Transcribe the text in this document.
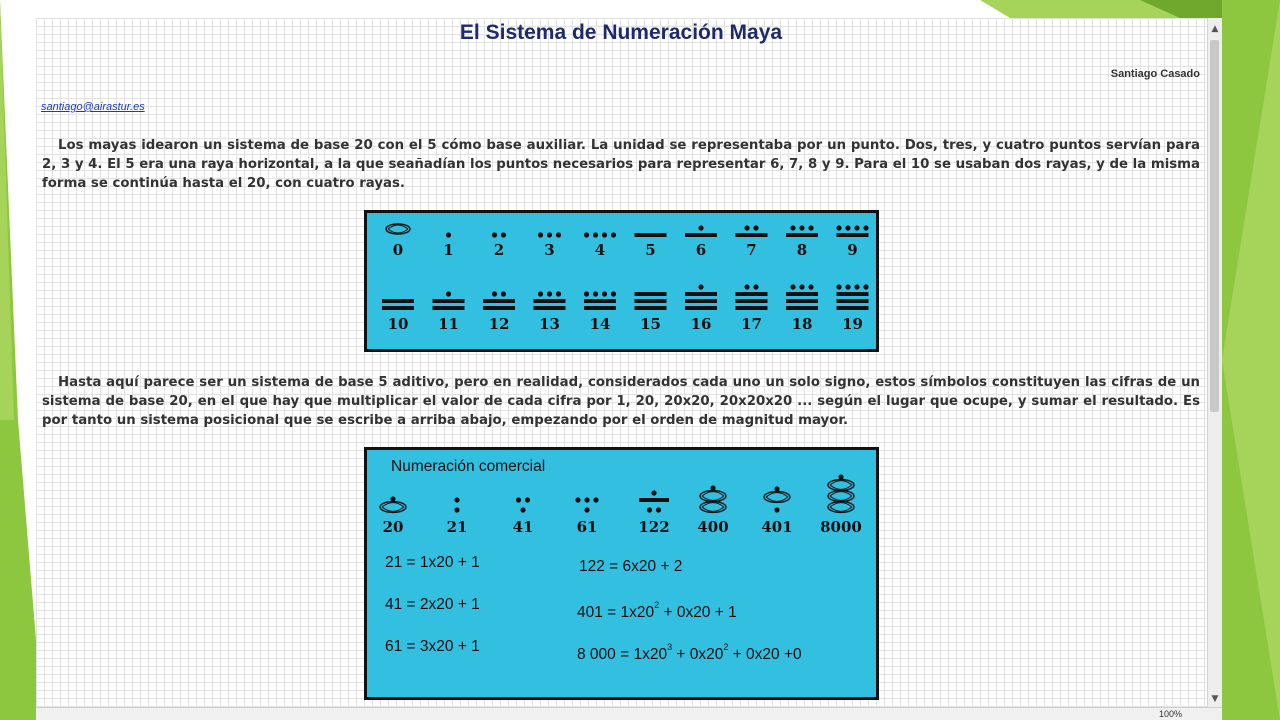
El Sistema de Numeración Maya
Santiago Casado
santiago@airastur.es

Los mayas idearon un sistema de base 20 con el 5 cómo base auxiliar. La unidad se representaba por un punto. Dos, tres, y cuatro puntos servían para 2, 3 y 4. El 5 era una raya horizontal, a la que seañadían los puntos necesarios para representar 6, 7, 8 y 9. Para el 10 se usaban dos rayas, y de la misma forma se continúa hasta el 20, con cuatro rayas.

0	1	2	3	4	5	6	7	8	9
10 11 12 13 14 15 16 17 18 19

Hasta aquí parece ser un sistema de base 5 aditivo, pero en realidad, considerados cada uno un solo signo, estos símbolos constituyen las cifras de un sistema de base 20, en el que hay que multiplicar el valor de cada cifra por 1, 20, 20x20, 20x20x20 ... según el lugar que ocupe, y sumar el resultado. Es por tanto un sistema posicional que se escribe a arriba abajo, empezando por el orden de magnitud mayor.

Numeración comercial
20	21	41	61	122 400 401 8000
21 = 1x20 + 1
41 = 2x20 + 1
61 = 3x20 + 1
122 = 6x20 + 2
$401 = 1x20^2 + 0x20 + 1$
8 $000 = 1x20^3 + 0x20^2 + 0x20 +0$
▲
▼
100%
